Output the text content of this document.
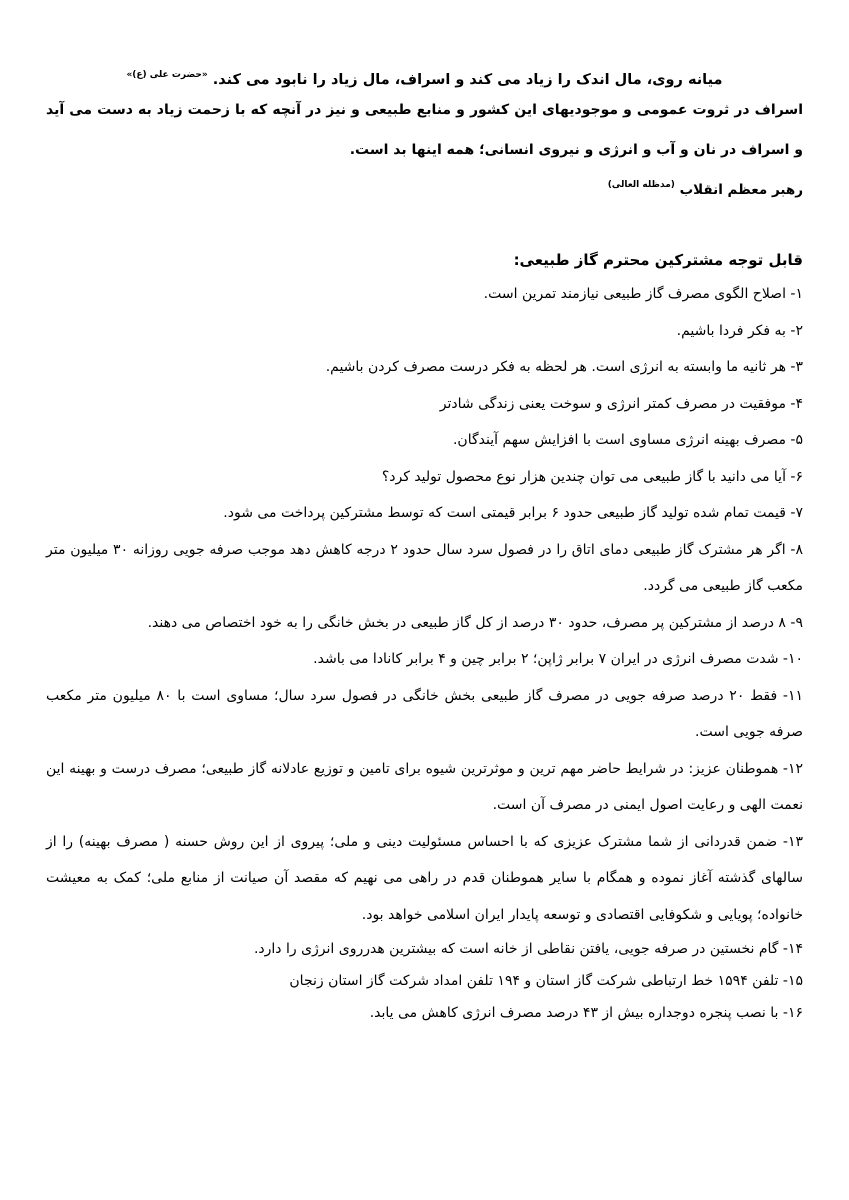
میانه روی، مال اندک را زیاد می کند و اسراف، مال زیاد را نابود می کند. $^{«حضرت علی (ع)»}$
اسراف در ثروت عمومی و موجودیهای این کشور و منابع طبیعی و نیز در آنچه که با زحمت زیاد به دست می آید و اسراف در نان و آب و انرژی و نیروی انسانی؛ همه اینها بد است.
رهبر معظم انقلاب $^{(مدظله العالی)}$
قابل توجه مشترکین محترم گاز طبیعی:
۱- اصلاح الگوی مصرف گاز طبیعی نیازمند تمرین است.
۲- به فکر فردا باشیم.
۳- هر ثانیه ما وابسته به انرژی است. هر لحظه به فکر درست مصرف کردن باشیم.
۴- موفقیت در مصرف کمتر انرژی و سوخت یعنی زندگی شادتر
۵- مصرف بهینه انرژی مساوی است با افزایش سهم آیندگان.
۶- آیا می دانید با گاز طبیعی می توان چندین هزار نوع محصول تولید کرد؟
۷- قیمت تمام شده تولید گاز طبیعی حدود ۶ برابر قیمتی است که توسط مشترکین پرداخت می شود.
۸- اگر هر مشترک گاز طبیعی دمای اتاق را در فصول سرد سال حدود ۲ درجه کاهش دهد موجب صرفه جویی روزانه ۳۰ میلیون متر مکعب گاز طبیعی می گردد.
۹- ۸ درصد از مشترکین پر مصرف، حدود ۳۰ درصد از کل گاز طبیعی در بخش خانگی را به خود اختصاص می دهند.
۱۰- شدت مصرف انرژی در ایران ۷ برابر ژاپن؛ ۲ برابر چین و ۴ برابر کانادا می باشد.
۱۱- فقط ۲۰ درصد صرفه جویی در مصرف گاز طبیعی بخش خانگی در فصول سرد سال؛ مساوی است با ۸۰ میلیون متر مکعب صرفه جویی است.
۱۲- هموطنان عزیز: در شرایط حاضر مهم ترین و موثرترین شیوه برای تامین و توزیع عادلانه گاز طبیعی؛ مصرف درست و بهینه این نعمت الهی و رعایت اصول ایمنی در مصرف آن است.
۱۳- ضمن قدردانی از شما مشترک عزیزی که با احساس مسئولیت دینی و ملی؛ پیروی از این روش حسنه ( مصرف بهینه) را از سالهای گذشته آغاز نموده و همگام با سایر هموطنان قدم در راهی می نهیم که مقصد آن صیانت از منابع ملی؛ کمک به معیشت خانواده؛ پویایی و شکوفایی اقتصادی و توسعه پایدار ایران اسلامی خواهد بود.
۱۴- گام نخستین در صرفه جویی، یافتن نقاطی از خانه است که بیشترین هدرروی انرژی را دارد.
۱۵- تلفن ۱۵۹۴ خط ارتباطی شرکت گاز استان و ۱۹۴ تلفن امداد شرکت گاز استان زنجان
۱۶- با نصب پنجره دوجداره بیش از ۴۳ درصد مصرف انرژی کاهش می یابد.
